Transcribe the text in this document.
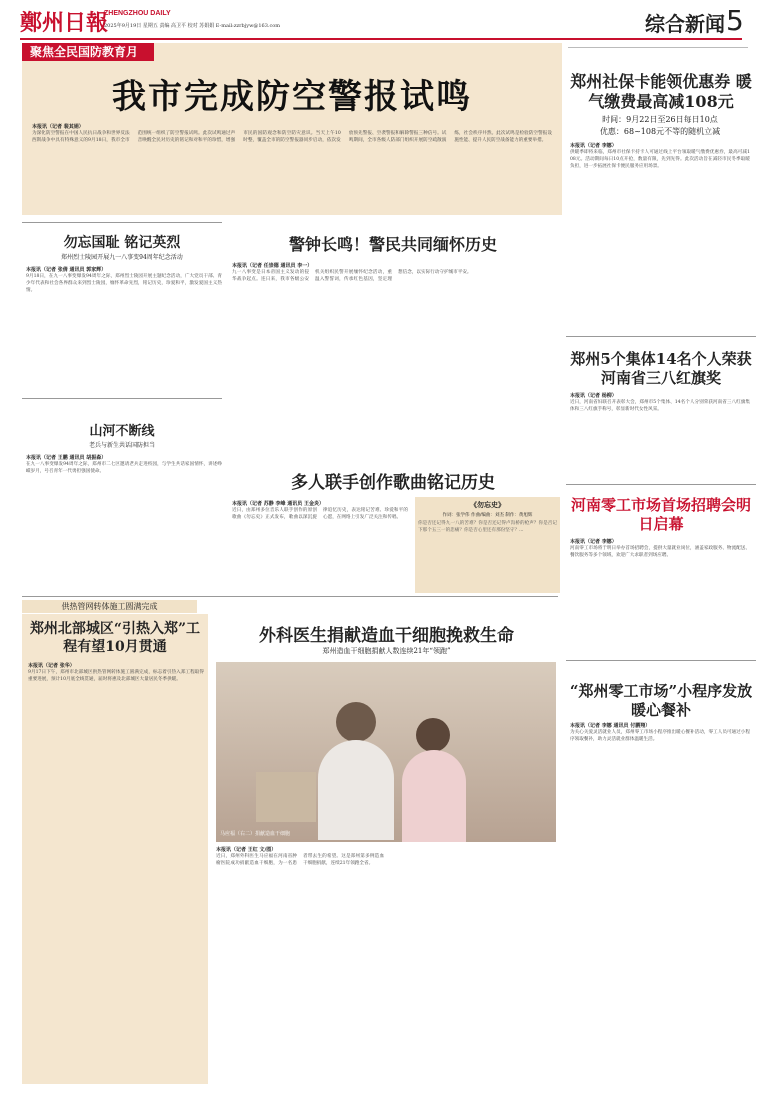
鄭州日報
ZHENGZHOU DAILY
2025年9月19日 星期五 责编 高卫平 校对 苏娟娟 E-mail:zzrbjyw@163.com	综合新闻 5
聚焦全民国防教育月
我市完成防空警报试鸣
本报讯（记者 裴其娟）
为深化防空警报在中国人民抗日战争和世界反法西斯战争中具有特殊意义的9月18日，我市全市范围统一组织了防空警报试鸣。此次试鸣通过声音唤醒全民对历史的铭记和对和平的珍惜，增强市民的国防观念和防空防灾意识。当天上午10时整，覆盖全市的防空警报器同步启动，依次发放预先警报、空袭警报和解除警报三种信号。试鸣期间，全市各级人防部门组织开展防空疏散演练，社会秩序井然。此次试鸣是检验防空警报设施性能、提升人民防空战备能力的重要举措。
郑州社保卡能领优惠券 暖气缴费最高减108元
时间：9月22日至26日每日10点
优惠：68~108元不等的随机立减
本报讯（记者 李娜）
供暖季即将来临，郑州市社保卡持卡人可通过线上平台领取暖气缴费优惠券，最高可减108元。活动期间每日10点开抢，数量有限，先到先得。此次活动旨在减轻市民冬季取暖负担，进一步拓展社保卡便民服务应用场景。
勿忘国耻 铭记英烈
郑州烈士陵园开展九一八事变94周年纪念活动
本报讯（记者 张倩 通讯员 郭家辉）
9月18日，在九一八事变爆发94周年之际，郑州烈士陵园开展主题纪念活动，广大党员干部、青少年代表和社会各界群众来到烈士陵园，缅怀革命先烈，铭记历史，珍爱和平，激发爱国主义热情。
警钟长鸣！警民共同缅怀历史
本报讯（记者 任崇德 通讯员 李一）
九一八事变是日本帝国主义发动的侵华战争起点。连日来，我市各级公安机关组织民警开展缅怀纪念活动，重温入警誓词，传承红色基因，坚定理想信念，以实际行动守护城市平安。
山河不断线
老兵与新生共话国防担当
本报讯（记者 王鹏 通讯员 胡振森）
在九一八事变爆发94周年之际，郑州市二七区邀请老兵走进校园，与学生共话家国情怀，讲述峥嵘岁月，号召青年一代勇担强国使命。
多人联手创作歌曲铭记历史
本报讯（记者 苏静 李峰 通讯员 王金炎）
近日，由郑州多位音乐人联手创作的原创歌曲《勿忘史》正式发布，歌曲以深沉旋律追忆历史，表达铭记苦难、珍爱和平的心愿，在网络上引发广泛关注和传唱。
《勿忘史》
作词：张学伟 作曲/编曲：刘杰 制作：黄旭辉
你是否还记得九一八的苦难？你是否还记得卢沟桥的枪声？你是否记下那个五三一的悲痛？你是否心里还有那份坚守？...
供热管网转体施工圆满完成
郑州北部城区“引热入郑”工程有望10月贯通
本报讯（记者 张华）
9月17日下午，郑州市北部城区供热管网转体施工圆满完成，标志着引热入郑工程取得重要进展，预计10月底全线贯通，届时将惠及北部城区大量居民冬季供暖。
外科医生捐献造血干细胞挽救生命
郑州造血干细胞捐献人数连续21年“领跑”
马应福（右二）捐献造血干细胞
本报讯（记者 王红 文/图）
近日，郑州外科医生马应福在河南省肿瘤医院成功捐献造血干细胞，为一名患者带去生的希望。这是郑州第多例造血干细胞捐献，连续21年领跑全省。
郑州5个集体14名个人荣获河南省三八红旗奖
本报讯（记者 杨柳）
近日，河南省妇联召开表彰大会，郑州市5个集体、14名个人分别荣获河南省三八红旗集体和三八红旗手称号，彰显新时代女性风采。
河南零工市场首场招聘会明日启幕
本报讯（记者 李娜）
河南零工市场将于明日举办首场招聘会，提供大量就业岗位，涵盖家政服务、物流配送、餐饮服务等多个领域，欢迎广大求职者到场应聘。
“郑州零工市场”小程序发放暖心餐补
本报讯（记者 李娜 通讯员 付鹏翔）
为关心关爱灵活就业人员，郑州零工市场小程序推出暖心餐补活动，零工人员可通过小程序领取餐补，助力灵活就业群体温暖生活。
